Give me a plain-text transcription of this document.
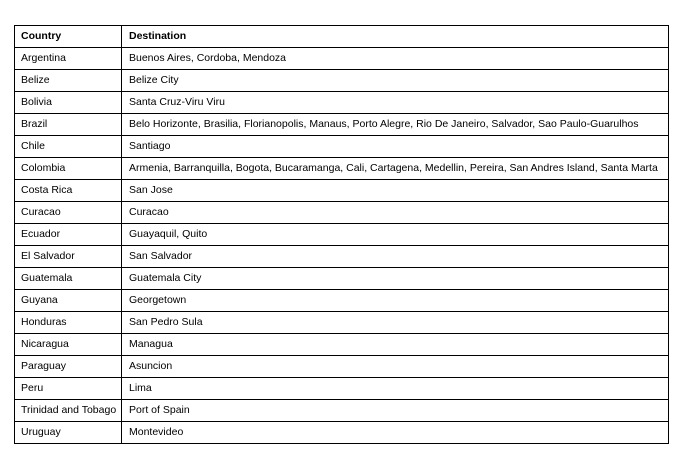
Country	Destination
Argentina	Buenos Aires, Cordoba, Mendoza
Belize	Belize City
Bolivia	Santa Cruz-Viru Viru
Brazil	Belo Horizonte, Brasilia, Florianopolis, Manaus, Porto Alegre, Rio De Janeiro, Salvador, Sao Paulo-Guarulhos
Chile	Santiago
Colombia	Armenia, Barranquilla, Bogota, Bucaramanga, Cali, Cartagena, Medellin, Pereira, San Andres Island, Santa Marta
Costa Rica	San Jose
Curacao	Curacao
Ecuador	Guayaquil, Quito
El Salvador	San Salvador
Guatemala	Guatemala City
Guyana	Georgetown
Honduras	San Pedro Sula
Nicaragua	Managua
Paraguay	Asuncion
Peru	Lima
Trinidad and Tobago	Port of Spain
Uruguay	Montevideo
